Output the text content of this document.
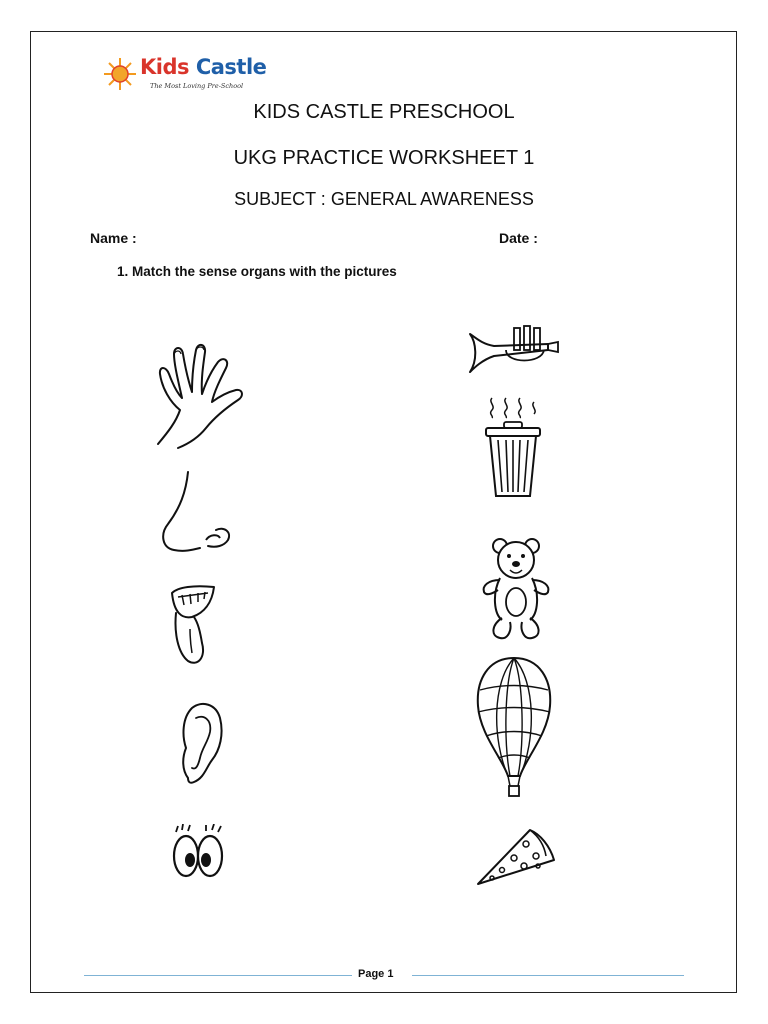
Kids Castle
The Most Loving Pre-School
KIDS CASTLE PRESCHOOL
UKG PRACTICE WORKSHEET 1
SUBJECT : GENERAL AWARENESS
Name :	Date :
1. Match the sense organs with the pictures
Page 1
